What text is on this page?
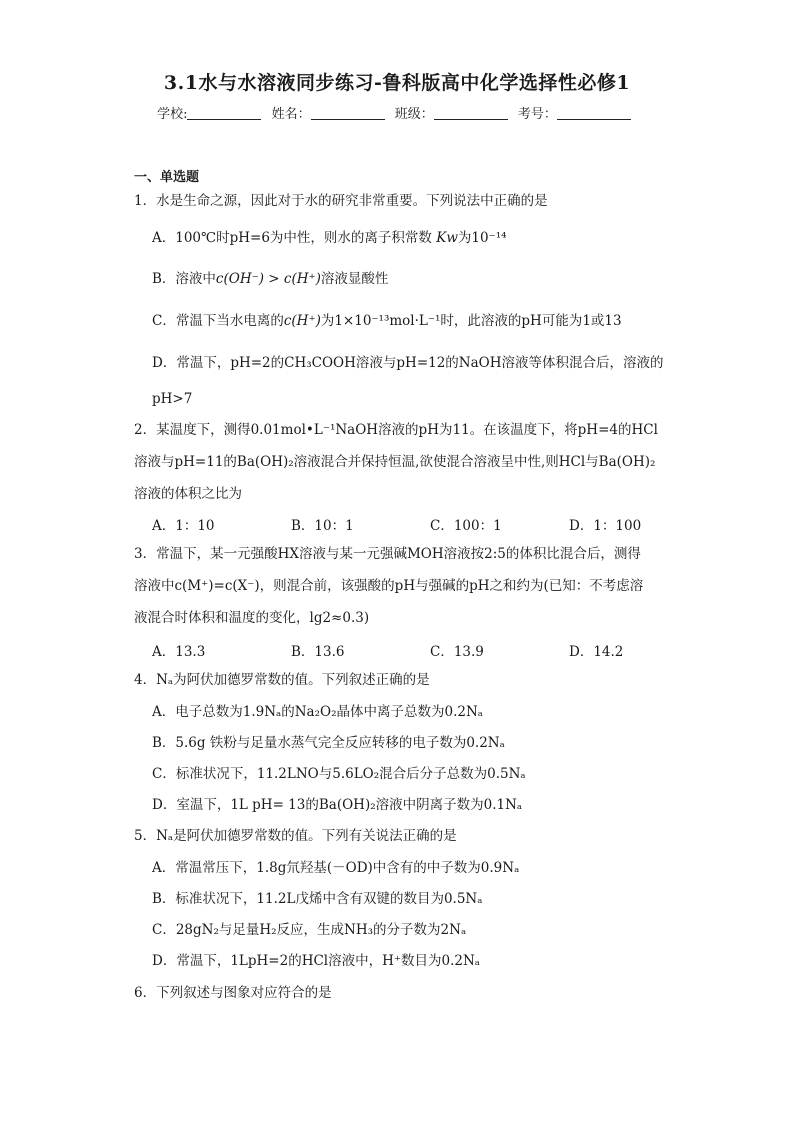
3.1水与水溶液同步练习-鲁科版高中化学选择性必修1
学校:	姓名：	班级：	考号：
一、单选题
1．水是生命之源，因此对于水的研究非常重要。下列说法中正确的是
A．100℃时pH=6为中性，则水的离子积常数 Kw为10⁻¹⁴
B．溶液中c(OH⁻) > c(H⁺)溶液显酸性
C．常温下当水电离的c(H⁺)为1×10⁻¹³mol·L⁻¹时，此溶液的pH可能为1或13
D．常温下，pH=2的CH₃COOH溶液与pH=12的NaOH溶液等体积混合后，溶液的
pH>7
2．某温度下，测得0.01mol•L⁻¹NaOH溶液的pH为11。在该温度下，将pH=4的HCl
溶液与pH=11的Ba(OH)₂溶液混合并保持恒温,欲使混合溶液呈中性,则HCl与Ba(OH)₂
溶液的体积之比为
A．1：10	B．10：1	C．100：1	D．1：100
3．常温下，某一元强酸HX溶液与某一元强碱MOH溶液按2:5的体积比混合后，测得
溶液中c(M⁺)=c(X⁻)，则混合前，该强酸的pH与强碱的pH之和约为(已知：不考虑溶
液混合时体积和温度的变化，lg2≈0.3)
A．13.3	B．13.6	C．13.9	D．14.2
4．Nₐ为阿伏加德罗常数的值。下列叙述正确的是
A．电子总数为1.9Nₐ的Na₂O₂晶体中离子总数为0.2Nₐ
B．5.6g 铁粉与足量水蒸气完全反应转移的电子数为0.2Nₐ
C．标准状况下，11.2LNO与5.6LO₂混合后分子总数为0.5Nₐ
D．室温下，1L pH= 13的Ba(OH)₂溶液中阴离子数为0.1Nₐ
5．Nₐ是阿伏加德罗常数的值。下列有关说法正确的是
A．常温常压下，1.8g氘羟基(－OD)中含有的中子数为0.9Nₐ
B．标准状况下，11.2L戊烯中含有双键的数目为0.5Nₐ
C．28gN₂与足量H₂反应，生成NH₃的分子数为2Nₐ
D．常温下，1LpH=2的HCl溶液中，H⁺数目为0.2Nₐ
6．下列叙述与图象对应符合的是
